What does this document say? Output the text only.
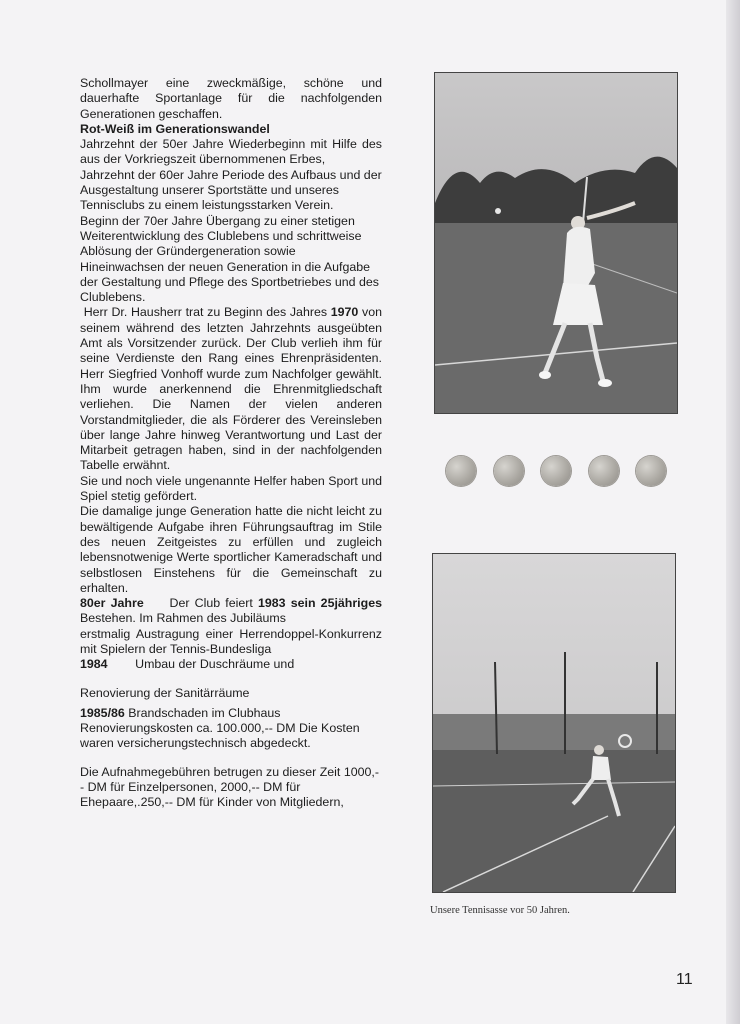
Schollmayer eine zweckmäßige, schöne und dauerhafte Sportanlage für die nachfolgenden Generationen geschaffen.

Rot-Weiß im Generationswandel

Jahrzehnt der 50er Jahre Wiederbeginn mit Hilfe des aus der Vorkriegszeit übernommenen Erbes,

Jahrzehnt der 60er Jahre Periode des Aufbaus und der Ausgestaltung unserer Sportstätte und unseres Tennisclubs zu einem leistungsstarken Verein.

Beginn der 70er Jahre Übergang zu einer stetigen Weiterentwicklung des Clublebens und schrittweise Ablösung der Gründergeneration sowie Hineinwachsen der neuen Generation in die Aufgabe der Gestaltung und Pflege des Sportbetriebes und des Clublebens.

Herr Dr. Hausherr trat zu Beginn des Jahres 1970 von seinem während des letzten Jahrzehnts ausgeübten Amt als Vorsitzender zurück. Der Club verlieh ihm für seine Verdienste den Rang eines Ehrenpräsidenten. Herr Siegfried Vonhoff wurde zum Nachfolger gewählt. Ihm wurde anerkennend die Ehrenmitgliedschaft verliehen. Die Namen der vielen anderen Vorstandmitglieder, die als Förderer des Vereinsleben über lange Jahre hinweg Verantwortung und Last der Mitarbeit getragen haben, sind in der nachfolgenden Tabelle erwähnt.

Sie und noch viele ungenannte Helfer haben Sport und Spiel stetig gefördert.

Die damalige junge Generation hatte die nicht leicht zu bewältigende Aufgabe ihren Führungsauftrag im Stile des neuen Zeitgeistes zu erfüllen und zugleich lebensnotwenige Werte sportlicher Kameradschaft und selbstlosen Einstehens für die Gemeinschaft zu erhalten.

80er Jahre Der Club feiert 1983 sein 25jähriges Bestehen. Im Rahmen des Jubiläums

erstmalig Austragung einer Herrendoppel-Konkurrenz mit Spielern der Tennis-Bundesliga

1984 Umbau der Duschräume und

Renovierung der Sanitärräume

1985/86 Brandschaden im Clubhaus Renovierungskosten ca. 100.000,-- DM Die Kosten waren versicherungstechnisch abgedeckt.

Die Aufnahmegebühren betrugen zu dieser Zeit 1000,-- DM für Einzelpersonen, 2000,-- DM für Ehepaare,.250,-- DM für Kinder von Mitgliedern,

Unsere Tennisasse vor 50 Jahren.
11
